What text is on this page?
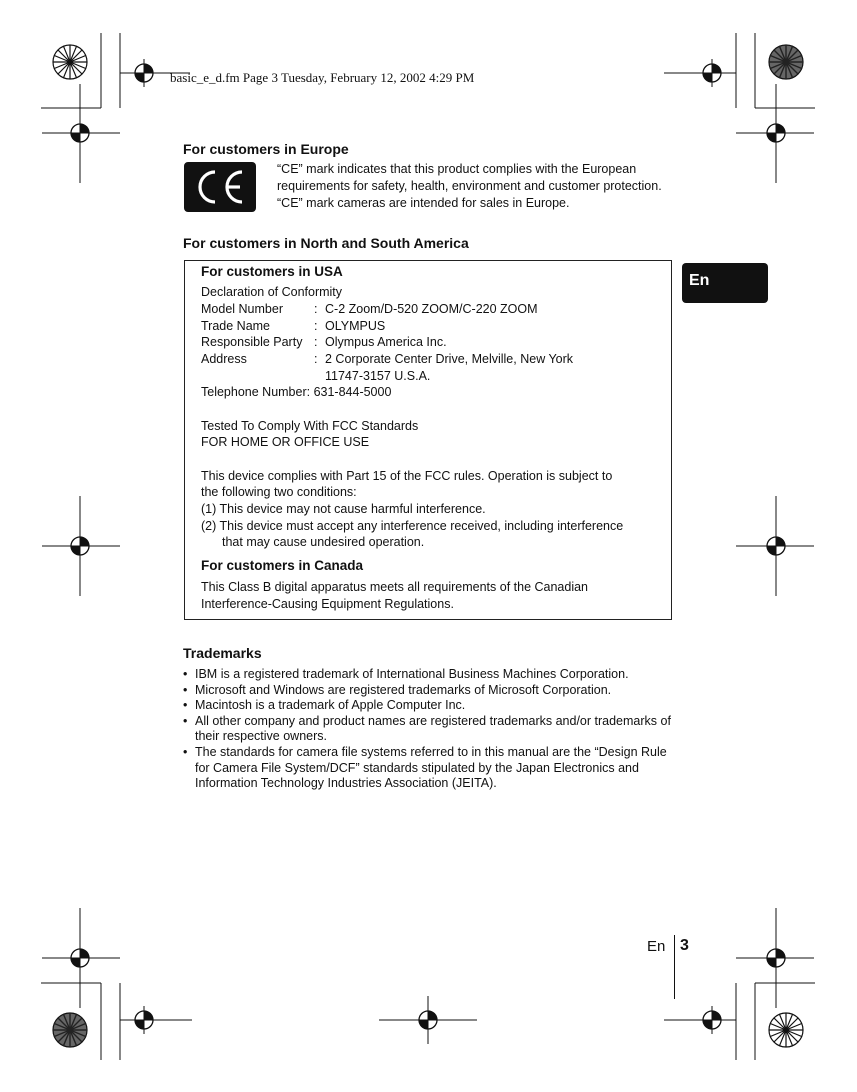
basic_e_d.fm Page 3 Tuesday, February 12, 2002 4:29 PM
For customers in Europe
“CE” mark indicates that this product complies with the European requirements for safety, health, environment and customer protection. “CE” mark cameras are intended for sales in Europe.
For customers in North and South America
For customers in USA
Declaration of Conformity
Model Number : C-2 Zoom/D-520 ZOOM/C-220 ZOOM
Trade Name	: OLYMPUS
Responsible Party : Olympus America Inc.
Address	: 2 Corporate Center Drive, Melville, New York
11747-3157 U.S.A.
Telephone Number: 631-844-5000
Tested To Comply With FCC Standards
FOR HOME OR OFFICE USE
This device complies with Part 15 of the FCC rules. Operation is subject to
the following two conditions:
(1) This device may not cause harmful interference.
(2) This device must accept any interference received, including interference
that may cause undesired operation.
For customers in Canada
This Class B digital apparatus meets all requirements of the Canadian
Interference-Causing Equipment Regulations.
En
Trademarks
• IBM is a registered trademark of International Business Machines Corporation.
• Microsoft and Windows are registered trademarks of Microsoft Corporation.
• Macintosh is a trademark of Apple Computer Inc.
• All other company and product names are registered trademarks and/or trademarks of their respective owners.
• The standards for camera file systems referred to in this manual are the “Design Rule for Camera File System/DCF” standards stipulated by the Japan Electronics and Information Technology Industries Association (JEITA).
En 3
